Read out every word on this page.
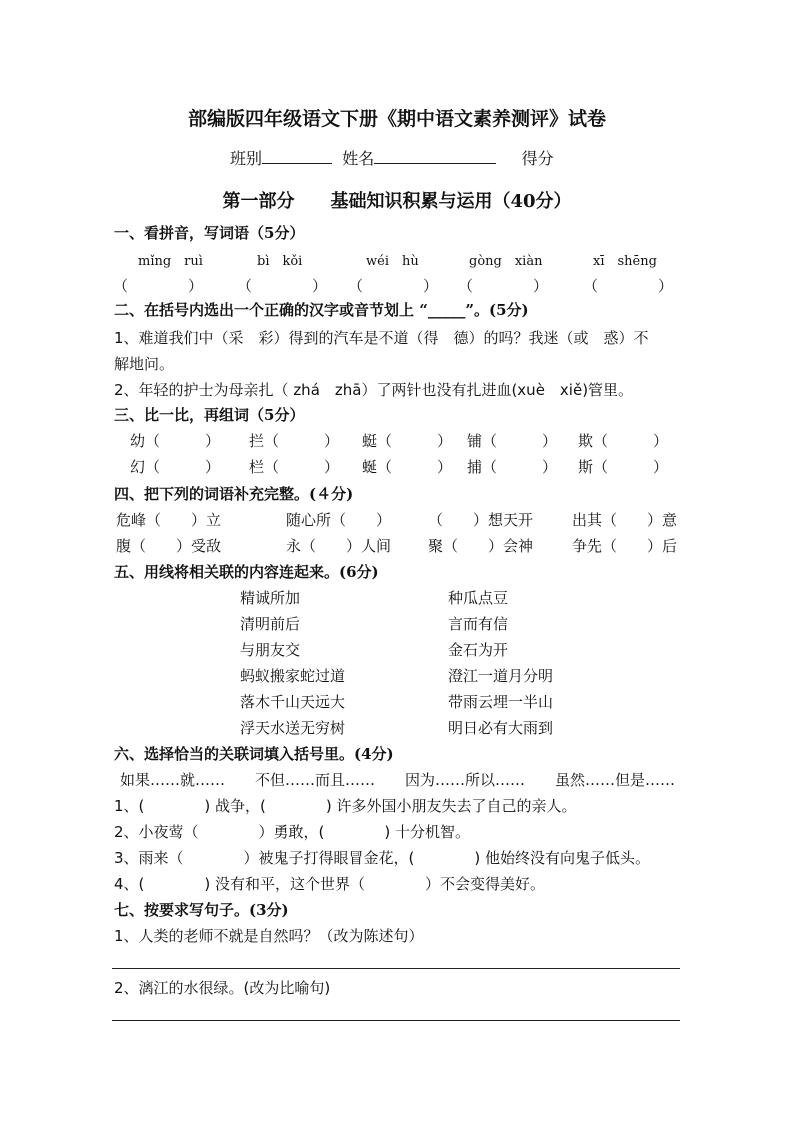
部编版四年级语文下册《期中语文素养测评》试卷
班别	姓名	得分
第一部分　　基础知识积累与运用（40分）
一、看拼音，写词语（5分）
mǐng　ruì	bì　kǒi	wéi　hù	gòng　xiàn	xī　shēng
（　　　　） （　　　　） （　　　　） （　　　　） （　　　　）
二、在括号内选出一个正确的汉字或音节划上 “_____”。(5分)
1、难道我们中（采　彩）得到的汽车是不道（得　德）的吗？我迷（或　惑）不
解地问。
2、年轻的护士为母亲扎（ zhá　zhā）了两针也没有扎进血(xuè　xiě)管里。
三、比一比，再组词（5分）
幼（　　　） 拦（　　　） 蜓（　　　） 铺（　　　） 欺（　　　）
幻（　　　） 栏（　　　） 蜒（　　　） 捕（　　　） 斯（　　　）
四、把下列的词语补充完整。(４分)
危峰（　　）立	随心所（　　） （　　）想天开	出其（　　）意
腹（　　）受敌	永（　　）人间 聚（　　）会神	争先（　　）后
五、用线将相关联的内容连起来。(6分)
精诚所加
清明前后
与朋友交
蚂蚁搬家蛇过道
落木千山天远大
浮天水送无穷树
种瓜点豆
言而有信
金石为开
澄江一道月分明
带雨云埋一半山
明日必有大雨到
六、选择恰当的关联词填入括号里。(4分)
如果……就……　　不但……而且……　　因为……所以……　　虽然……但是……
1、(　　　　) 战争，(　　　　) 许多外国小朋友失去了自己的亲人。
2、小夜莺（　　　　）勇敢，(　　　　) 十分机智。
3、雨来（　　　　）被鬼子打得眼冒金花，(　　　　) 他始终没有向鬼子低头。
4、(　　　　) 没有和平，这个世界（　　　　）不会变得美好。
七、按要求写句子。(3分)
1、人类的老师不就是自然吗？（改为陈述句）
2、漓江的水很绿。(改为比喻句)
